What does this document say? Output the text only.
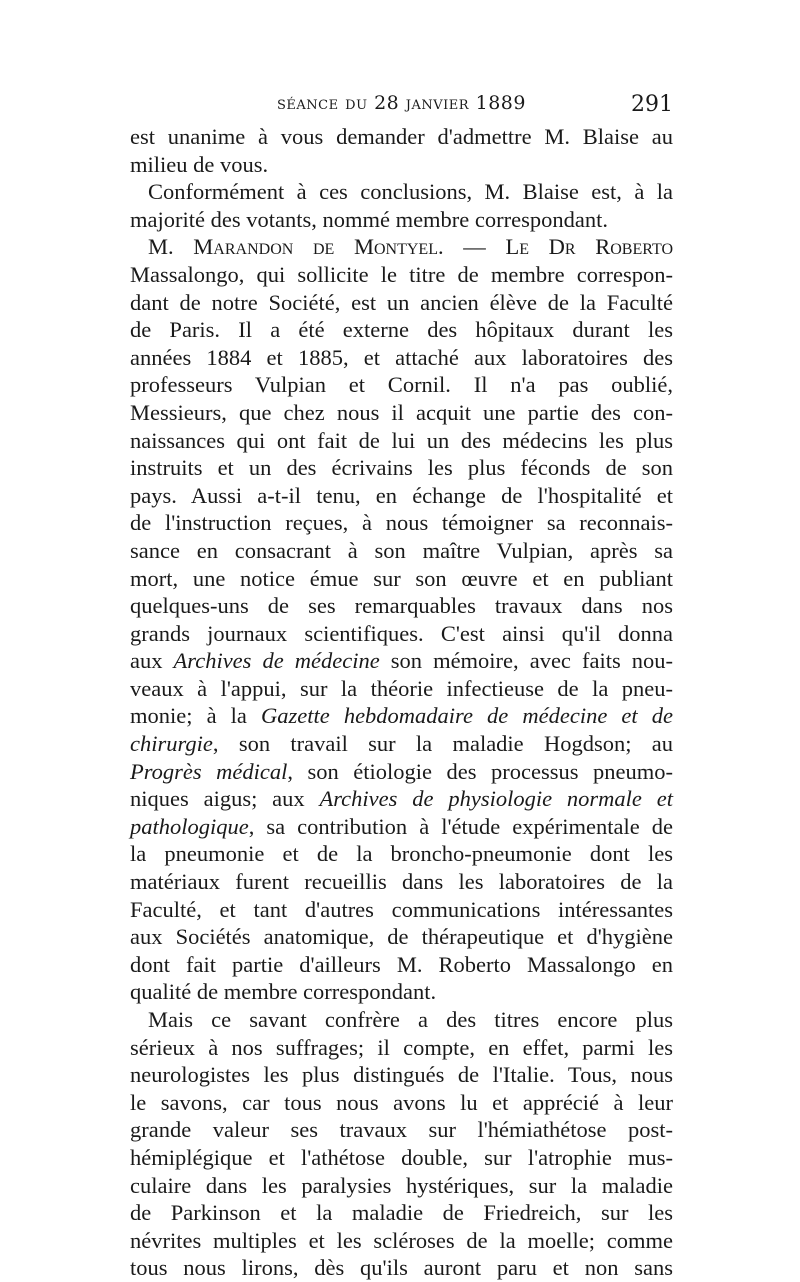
séance du 28 janvier 1889	291
est unanime à vous demander d'admettre M. Blaise au
milieu de vous.
Conformément à ces conclusions, M. Blaise est, à la
majorité des votants, nommé membre correspondant.
M. Marandon de Montyel. — Le Dr Roberto
Massalongo, qui sollicite le titre de membre correspon-
dant de notre Société, est un ancien élève de la Faculté
de Paris. Il a été externe des hôpitaux durant les
années 1884 et 1885, et attaché aux laboratoires des
professeurs Vulpian et Cornil. Il n'a pas oublié,
Messieurs, que chez nous il acquit une partie des con-
naissances qui ont fait de lui un des médecins les plus
instruits et un des écrivains les plus féconds de son
pays. Aussi a-t-il tenu, en échange de l'hospitalité et
de l'instruction reçues, à nous témoigner sa reconnais-
sance en consacrant à son maître Vulpian, après sa
mort, une notice émue sur son œuvre et en publiant
quelques-uns de ses remarquables travaux dans nos
grands journaux scientifiques. C'est ainsi qu'il donna
aux Archives de médecine son mémoire, avec faits nou-
veaux à l'appui, sur la théorie infectieuse de la pneu-
monie; à la Gazette hebdomadaire de médecine et de
chirurgie, son travail sur la maladie Hogdson; au
Progrès médical, son étiologie des processus pneumo-
niques aigus; aux Archives de physiologie normale et
pathologique, sa contribution à l'étude expérimentale de
la pneumonie et de la broncho-pneumonie dont les
matériaux furent recueillis dans les laboratoires de la
Faculté, et tant d'autres communications intéressantes
aux Sociétés anatomique, de thérapeutique et d'hygiène
dont fait partie d'ailleurs M. Roberto Massalongo en
qualité de membre correspondant.
Mais ce savant confrère a des titres encore plus
sérieux à nos suffrages; il compte, en effet, parmi les
neurologistes les plus distingués de l'Italie. Tous, nous
le savons, car tous nous avons lu et apprécié à leur
grande valeur ses travaux sur l'hémiathétose post-
hémiplégique et l'athétose double, sur l'atrophie mus-
culaire dans les paralysies hystériques, sur la maladie
de Parkinson et la maladie de Friedreich, sur les
névrites multiples et les scléroses de la moelle; comme
tous nous lirons, dès qu'ils auront paru et non sans
